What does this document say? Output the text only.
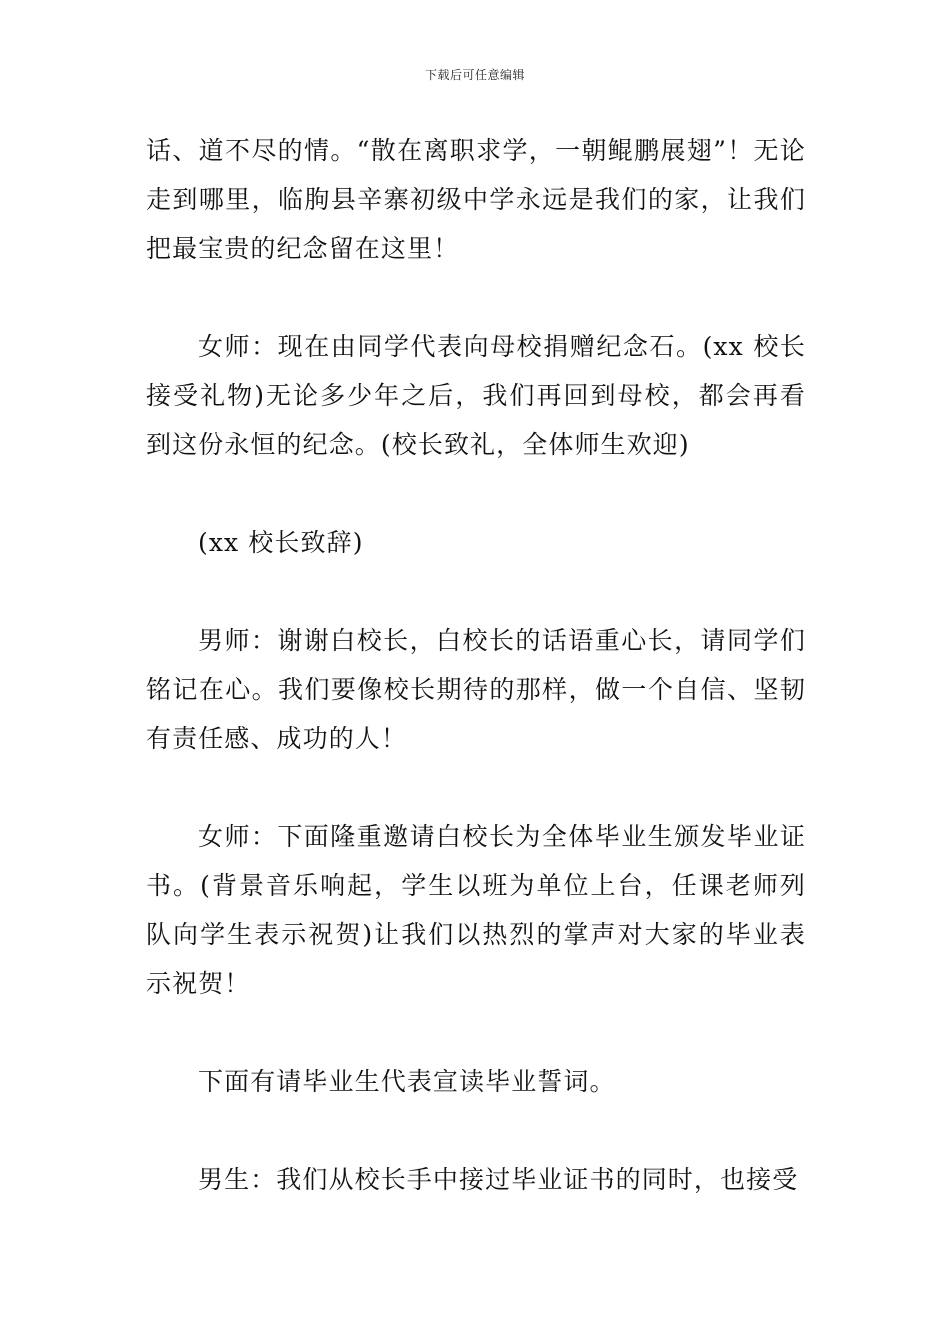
下载后可任意编辑

话、道不尽的情。“散在离职求学，一朝鲲鹏展翅”！无论走到哪里，临朐县辛寨初级中学永远是我们的家，让我们把最宝贵的纪念留在这里！

女师：现在由同学代表向母校捐赠纪念石。(xx 校长接受礼物)无论多少年之后，我们再回到母校，都会再看到这份永恒的纪念。(校长致礼，全体师生欢迎)

(xx 校长致辞)

男师：谢谢白校长，白校长的话语重心长，请同学们铭记在心。我们要像校长期待的那样，做一个自信、坚韧有责任感、成功的人！

女师：下面隆重邀请白校长为全体毕业生颁发毕业证书。(背景音乐响起，学生以班为单位上台，任课老师列队向学生表示祝贺)让我们以热烈的掌声对大家的毕业表示祝贺！

下面有请毕业生代表宣读毕业誓词。

男生：我们从校长手中接过毕业证书的同时，也接受
